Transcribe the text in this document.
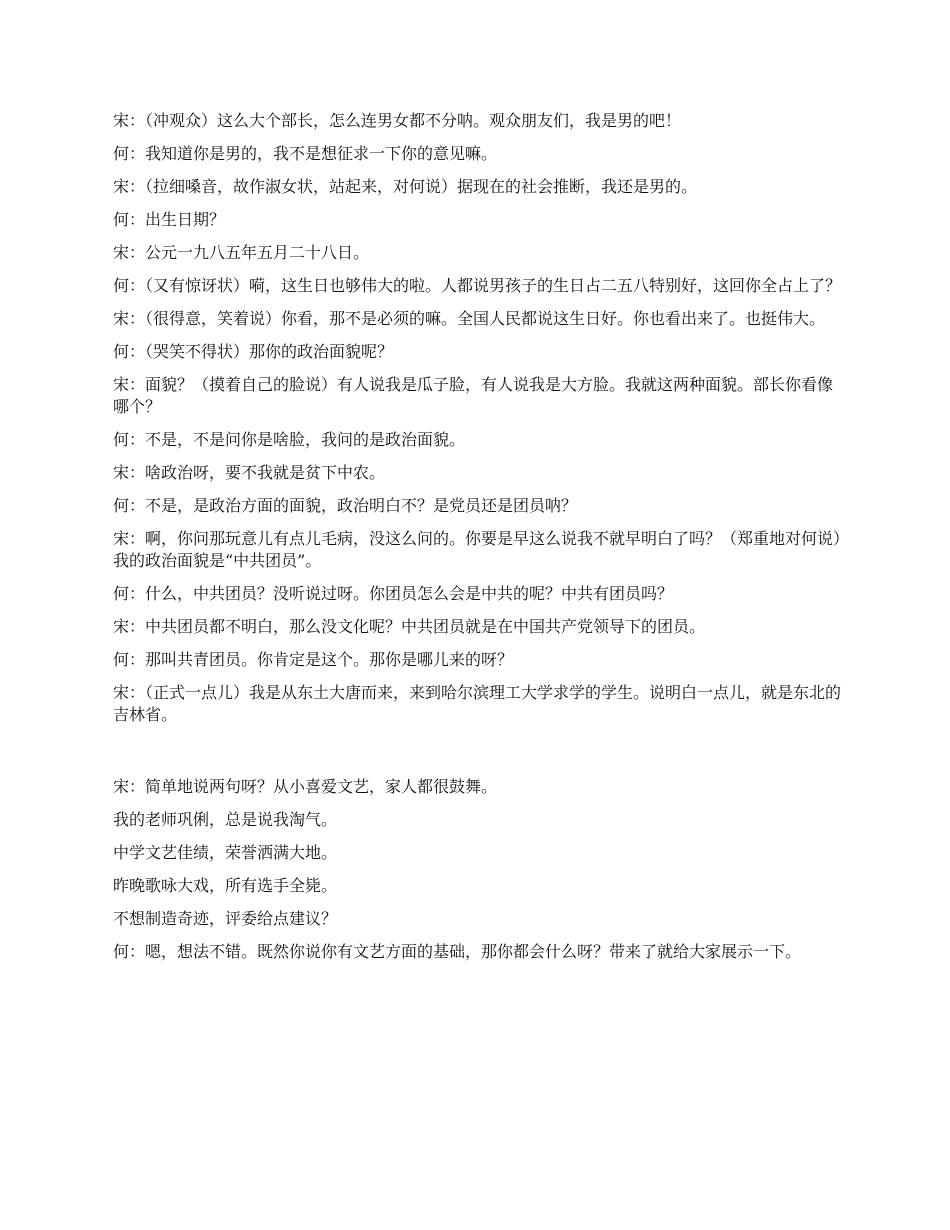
宋：（冲观众）这么大个部长，怎么连男女都不分呐。观众朋友们，我是男的吧！

何：我知道你是男的，我不是想征求一下你的意见嘛。

宋：（拉细嗓音，故作淑女状，站起来，对何说）据现在的社会推断，我还是男的。

何：出生日期？

宋：公元一九八五年五月二十八日。

何：（又有惊讶状）嗬，这生日也够伟大的啦。人都说男孩子的生日占二五八特别好，这回你全占上了？

宋：（很得意，笑着说）你看，那不是必须的嘛。全国人民都说这生日好。你也看出来了。也挺伟大。

何：（哭笑不得状）那你的政治面貌呢？

宋：面貌？（摸着自己的脸说）有人说我是瓜子脸，有人说我是大方脸。我就这两种面貌。部长你看像哪个？

何：不是，不是问你是啥脸，我问的是政治面貌。

宋：啥政治呀，要不我就是贫下中农。

何：不是，是政治方面的面貌，政治明白不？是党员还是团员呐？

宋：啊，你问那玩意儿有点儿毛病，没这么问的。你要是早这么说我不就早明白了吗？（郑重地对何说）我的政治面貌是“中共团员”。

何：什么，中共团员？没听说过呀。你团员怎么会是中共的呢？中共有团员吗？

宋：中共团员都不明白，那么没文化呢？中共团员就是在中国共产党领导下的团员。

何：那叫共青团员。你肯定是这个。那你是哪儿来的呀？

宋：（正式一点儿）我是从东土大唐而来，来到哈尔滨理工大学求学的学生。说明白一点儿，就是东北的吉林省。

宋：简单地说两句呀？从小喜爱文艺，家人都很鼓舞。

我的老师巩俐，总是说我淘气。

中学文艺佳绩，荣誉洒满大地。

昨晚歌咏大戏，所有选手全毙。

不想制造奇迹，评委给点建议？

何：嗯，想法不错。既然你说你有文艺方面的基础，那你都会什么呀？带来了就给大家展示一下。
